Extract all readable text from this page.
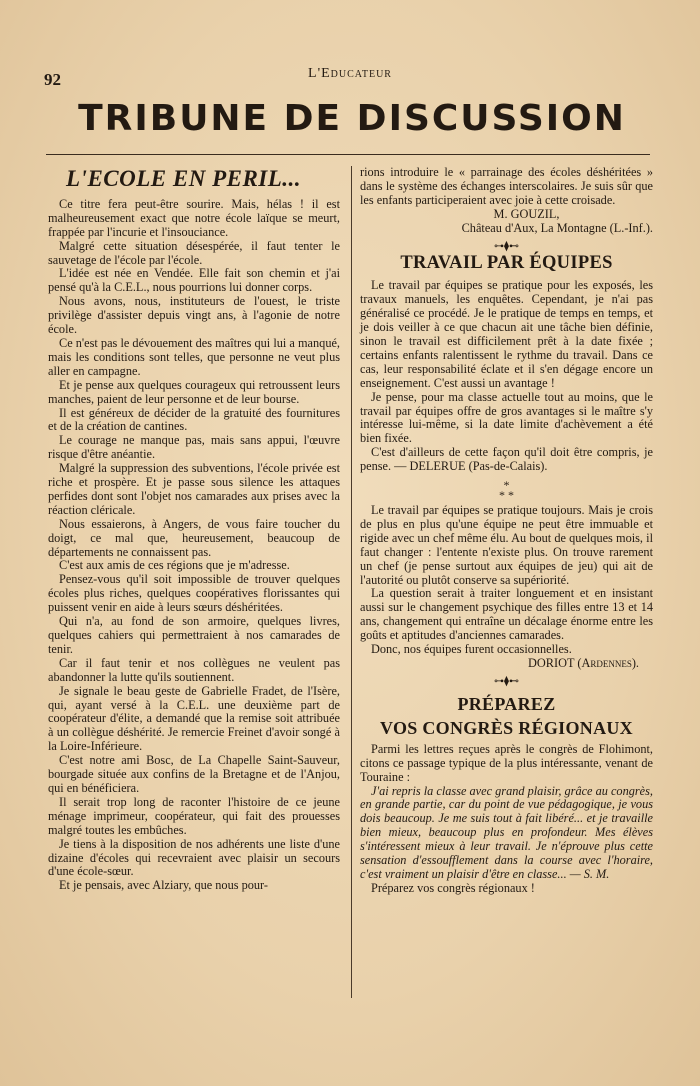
92	L'Educateur
TRIBUNE DE DISCUSSION
L'ECOLE EN PERIL...

Ce titre fera peut-être sourire. Mais, hélas ! il est malheureusement exact que notre école laïque se meurt, frappée par l'incurie et l'insouciance.

Malgré cette situation désespérée, il faut tenter le sauvetage de l'école par l'école.

L'idée est née en Vendée. Elle fait son chemin et j'ai pensé qu'à la C.E.L., nous pourrions lui donner corps.

Nous avons, nous, instituteurs de l'ouest, le triste privilège d'assister depuis vingt ans, à l'agonie de notre école.

Ce n'est pas le dévouement des maîtres qui lui a manqué, mais les conditions sont telles, que personne ne veut plus aller en campagne.

Et je pense aux quelques courageux qui retroussent leurs manches, paient de leur personne et de leur bourse.

Il est généreux de décider de la gratuité des fournitures et de la création de cantines.

Le courage ne manque pas, mais sans appui, l'œuvre risque d'être anéantie.

Malgré la suppression des subventions, l'école privée est riche et prospère. Et je passe sous silence les attaques perfides dont sont l'objet nos camarades aux prises avec la réaction cléricale.

Nous essaierons, à Angers, de vous faire toucher du doigt, ce mal que, heureusement, beaucoup de départements ne connaissent pas.

C'est aux amis de ces régions que je m'adresse.

Pensez-vous qu'il soit impossible de trouver quelques écoles plus riches, quelques coopératives florissantes qui puissent venir en aide à leurs sœurs déshéritées.

Qui n'a, au fond de son armoire, quelques livres, quelques cahiers qui permettraient à nos camarades de tenir.

Car il faut tenir et nos collègues ne veulent pas abandonner la lutte qu'ils soutiennent.

Je signale le beau geste de Gabrielle Fradet, de l'Isère, qui, ayant versé à la C.E.L. une deuxième part de coopérateur d'élite, a demandé que la remise soit attribuée à un collègue déshérité. Je remercie Freinet d'avoir songé à la Loire-Inférieure.

C'est notre ami Bosc, de La Chapelle Saint-Sauveur, bourgade située aux confins de la Bretagne et de l'Anjou, qui en bénéficiera.

Il serait trop long de raconter l'histoire de ce jeune ménage imprimeur, coopérateur, qui fait des prouesses malgré toutes les embûches.

Je tiens à la disposition de nos adhérents une liste d'une dizaine d'écoles qui recevraient avec plaisir un secours d'une école-sœur.

Et je pensais, avec Alziary, que nous pour-

rions introduire le « parrainage des écoles déshéritées » dans le système des échanges interscolaires. Je suis sûr que les enfants participeraient avec joie à cette croisade.

M. GOUZIL,
Château d'Aux, La Montagne (L.-Inf.).
⊶⧫⊷
TRAVAIL PAR ÉQUIPES

Le travail par équipes se pratique pour les exposés, les travaux manuels, les enquêtes. Cependant, je n'ai pas généralisé ce procédé. Je le pratique de temps en temps, et je dois veiller à ce que chacun ait une tâche bien définie, sinon le travail est difficilement prêt à la date fixée ; certains enfants ralentissent le rythme du travail. Dans ce cas, leur responsabilité éclate et il s'en dégage encore un enseignement. C'est aussi un avantage !

Je pense, pour ma classe actuelle tout au moins, que le travail par équipes offre de gros avantages si le maître s'y intéresse lui-même, si la date limite d'achèvement a été bien fixée.

C'est d'ailleurs de cette façon qu'il doit être compris, je pense. — DELERUE (Pas-de-Calais).

*
* *

Le travail par équipes se pratique toujours. Mais je crois de plus en plus qu'une équipe ne peut être immuable et rigide avec un chef même élu. Au bout de quelques mois, il faut changer : l'entente n'existe plus. On trouve rarement un chef (je pense surtout aux équipes de jeu) qui ait de l'autorité ou plutôt conserve sa supériorité.

La question serait à traiter longuement et en insistant aussi sur le changement psychique des filles entre 13 et 14 ans, changement qui entraîne un décalage énorme entre les goûts et aptitudes d'anciennes camarades.

Donc, nos équipes furent occasionnelles.

DORIOT (Ardennes).
⊶⧫⊷
PRÉPAREZ
VOS CONGRÈS RÉGIONAUX

Parmi les lettres reçues après le congrès de Flohimont, citons ce passage typique de la plus intéressante, venant de Touraine :

J'ai repris la classe avec grand plaisir, grâce au congrès, en grande partie, car du point de vue pédagogique, je vous dois beaucoup. Je me suis tout à fait libéré... et je travaille bien mieux, beaucoup plus en profondeur. Mes élèves s'intéressent mieux à leur travail. Je n'éprouve plus cette sensation d'essoufflement dans la course avec l'horaire, c'est vraiment un plaisir d'être en classe... — S. M.

Préparez vos congrès régionaux !
